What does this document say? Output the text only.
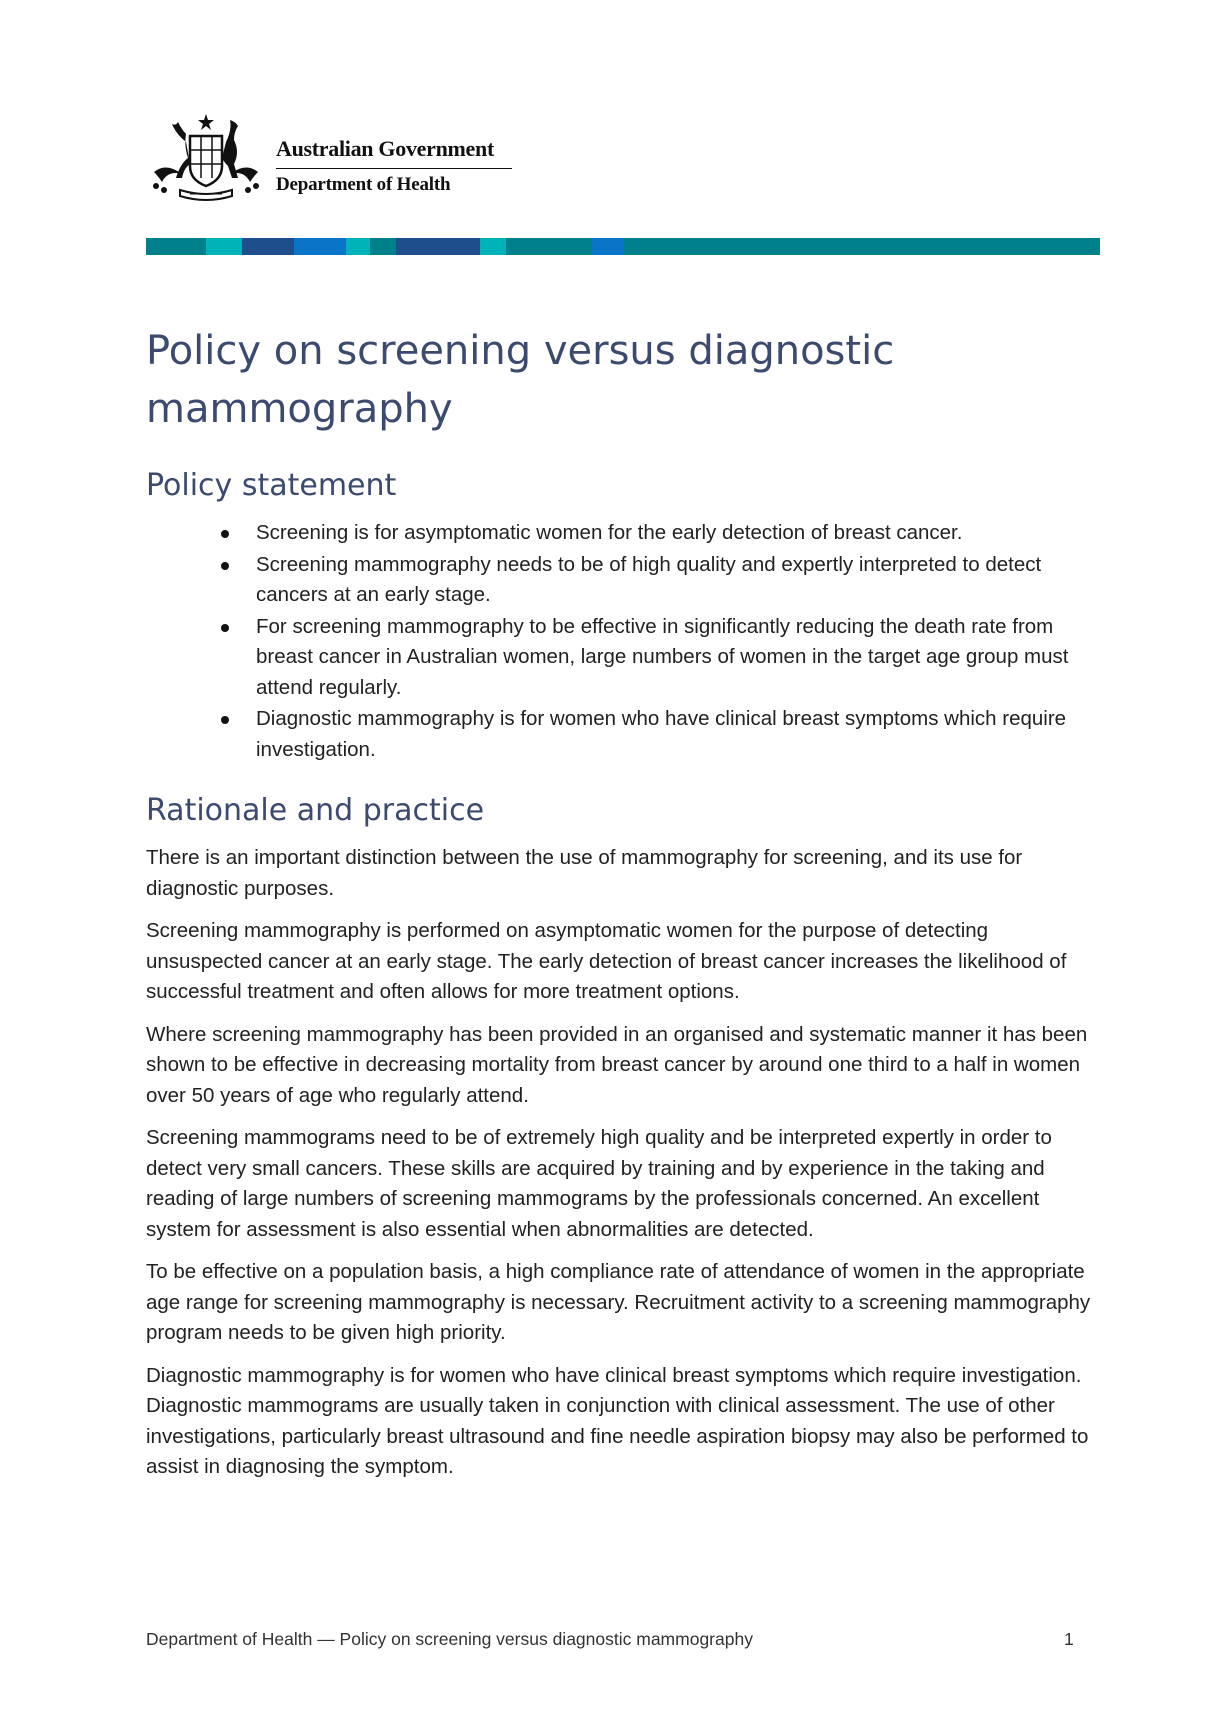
Australian Government
Department of Health
Policy on screening versus diagnostic mammography
Policy statement
Screening is for asymptomatic women for the early detection of breast cancer.
Screening mammography needs to be of high quality and expertly interpreted to detect cancers at an early stage.
For screening mammography to be effective in significantly reducing the death rate from breast cancer in Australian women, large numbers of women in the target age group must attend regularly.
Diagnostic mammography is for women who have clinical breast symptoms which require investigation.
Rationale and practice

There is an important distinction between the use of mammography for screening, and its use for diagnostic purposes.

Screening mammography is performed on asymptomatic women for the purpose of detecting unsuspected cancer at an early stage. The early detection of breast cancer increases the likelihood of successful treatment and often allows for more treatment options.

Where screening mammography has been provided in an organised and systematic manner it has been shown to be effective in decreasing mortality from breast cancer by around one third to a half in women over 50 years of age who regularly attend.

Screening mammograms need to be of extremely high quality and be interpreted expertly in order to detect very small cancers. These skills are acquired by training and by experience in the taking and reading of large numbers of screening mammograms by the professionals concerned. An excellent system for assessment is also essential when abnormalities are detected.

To be effective on a population basis, a high compliance rate of attendance of women in the appropriate age range for screening mammography is necessary. Recruitment activity to a screening mammography program needs to be given high priority.

Diagnostic mammography is for women who have clinical breast symptoms which require investigation. Diagnostic mammograms are usually taken in conjunction with clinical assessment. The use of other investigations, particularly breast ultrasound and fine needle aspiration biopsy may also be performed to assist in diagnosing the symptom.

Department of Health — Policy on screening versus diagnostic mammography	1
